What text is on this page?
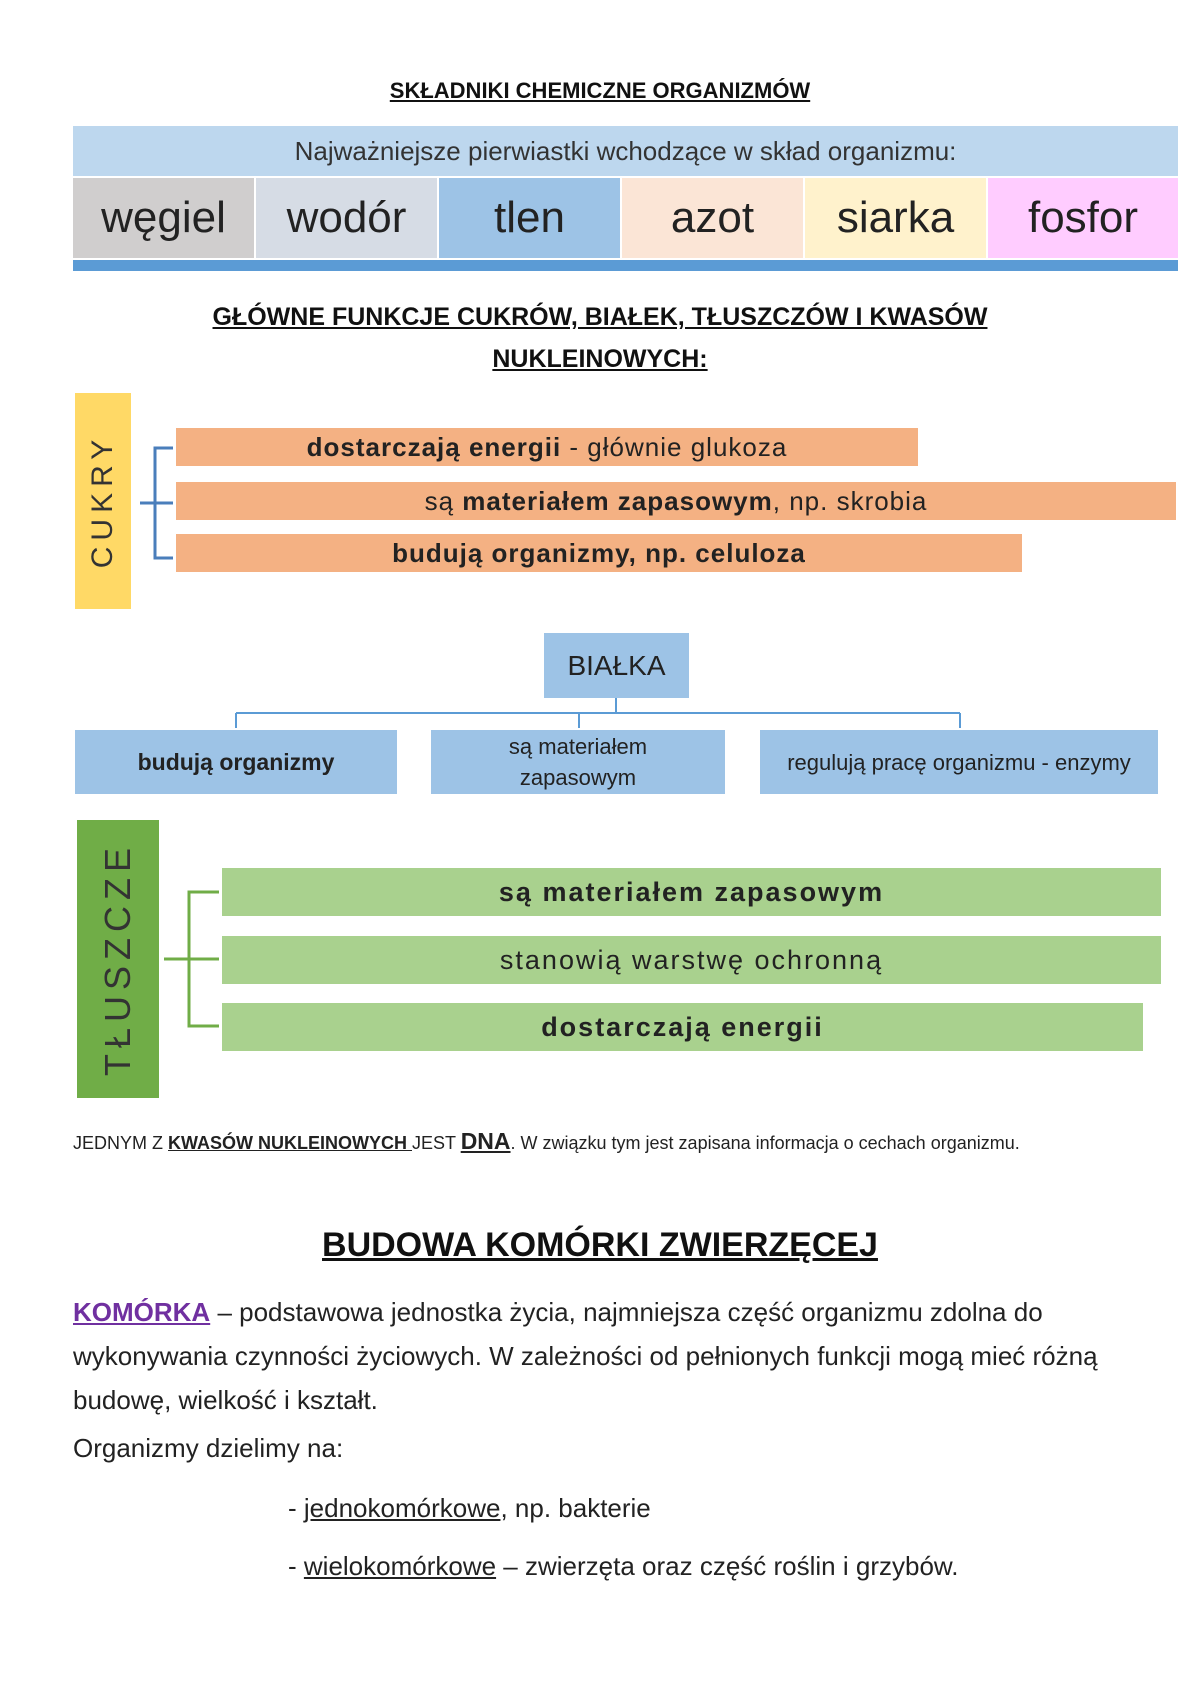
SKŁADNIKI CHEMICZNE ORGANIZMÓW
Najważniejsze pierwiastki wchodzące w skład organizmu:
węgiel	wodór	tlen	azot	siarka	fosfor
GŁÓWNE FUNKCJE CUKRÓW, BIAŁEK, TŁUSZCZÓW I KWASÓW
NUKLEINOWYCH:
CUKRY	dostarczają energii - głównie glukoza
są materiałem zapasowym, np. skrobia
budują organizmy, np. celuloza
BIAŁKA
budują organizmy
są materiałem zapasowym
regulują pracę organizmu - enzymy
TŁUSZCZE	są materiałem zapasowym
stanowią warstwę ochronną
dostarczają energii
JEDNYM Z KWASÓW NUKLEINOWYCH JEST DNA. W związku tym jest zapisana informacja o cechach organizmu.
BUDOWA KOMÓRKI ZWIERZĘCEJ
KOMÓRKA – podstawowa jednostka życia, najmniejsza część organizmu zdolna do wykonywania czynności życiowych. W zależności od pełnionych funkcji mogą mieć różną budowę, wielkość i kształt.
Organizmy dzielimy na:
- jednokomórkowe, np. bakterie
- wielokomórkowe – zwierzęta oraz część roślin i grzybów.
